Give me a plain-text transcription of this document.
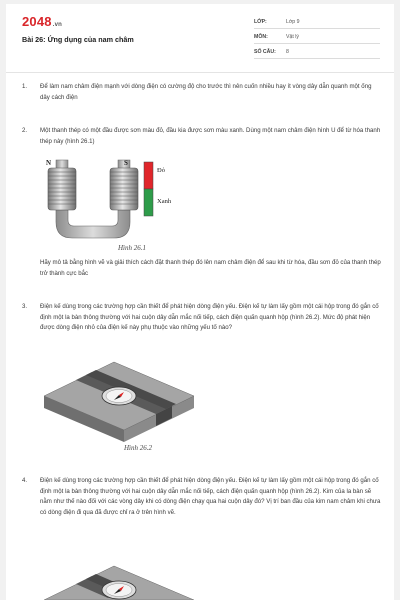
2048.vn
Bài 26: Ứng dụng của nam châm
LỚP:	Lớp 9
MÔN:	Vật lý
SỐ CÂU: 8
1. Để làm nam châm điện mạnh với dòng điện có cường độ cho trước thì nên cuốn nhiều hay ít vòng dây dẫn quanh một ống dây cách điện
2. Một thanh thép có một đầu được sơn màu đỏ, đầu kia được sơn màu xanh. Dùng một nam châm điện hình U để từ hóa thanh thép này (hình 26.1)
N	S
Đỏ
Xanh
Hình 26.1
Hãy mô tả bằng hình vẽ và giải thích cách đặt thanh thép đó lên nam châm điện để sau khi từ hóa, đầu sơn đỏ của thanh thép trở thành cực bắc
3. Điện kế dùng trong các trường hợp cần thiết để phát hiện dòng điện yếu. Điện kế tự làm lấy gồm một cái hộp trong đó gắn cố định một la bàn thông thường với hai cuộn dây dẫn mắc nối tiếp, cách điện quấn quanh hộp (hình 26.2). Mức độ phát hiện được dòng điện nhỏ của điện kế này phụ thuộc vào những yếu tố nào?
Hình 26.2
4. Điện kế dùng trong các trường hợp cần thiết để phát hiện dòng điện yếu. Điện kế tự làm lấy gồm một cái hộp trong đó gắn cố định một la bàn thông thường với hai cuộn dây dẫn mắc nối tiếp, cách điện quấn quanh hộp (hình 26.2). Kim của la bàn sẽ nằm như thế nào đối với các vòng dây khi có dòng điện chạy qua hai cuộn dây đó? Vị trí ban đầu của kim nam châm khi chưa có dòng điện đi qua đã được chỉ ra ở trên hình vẽ.
